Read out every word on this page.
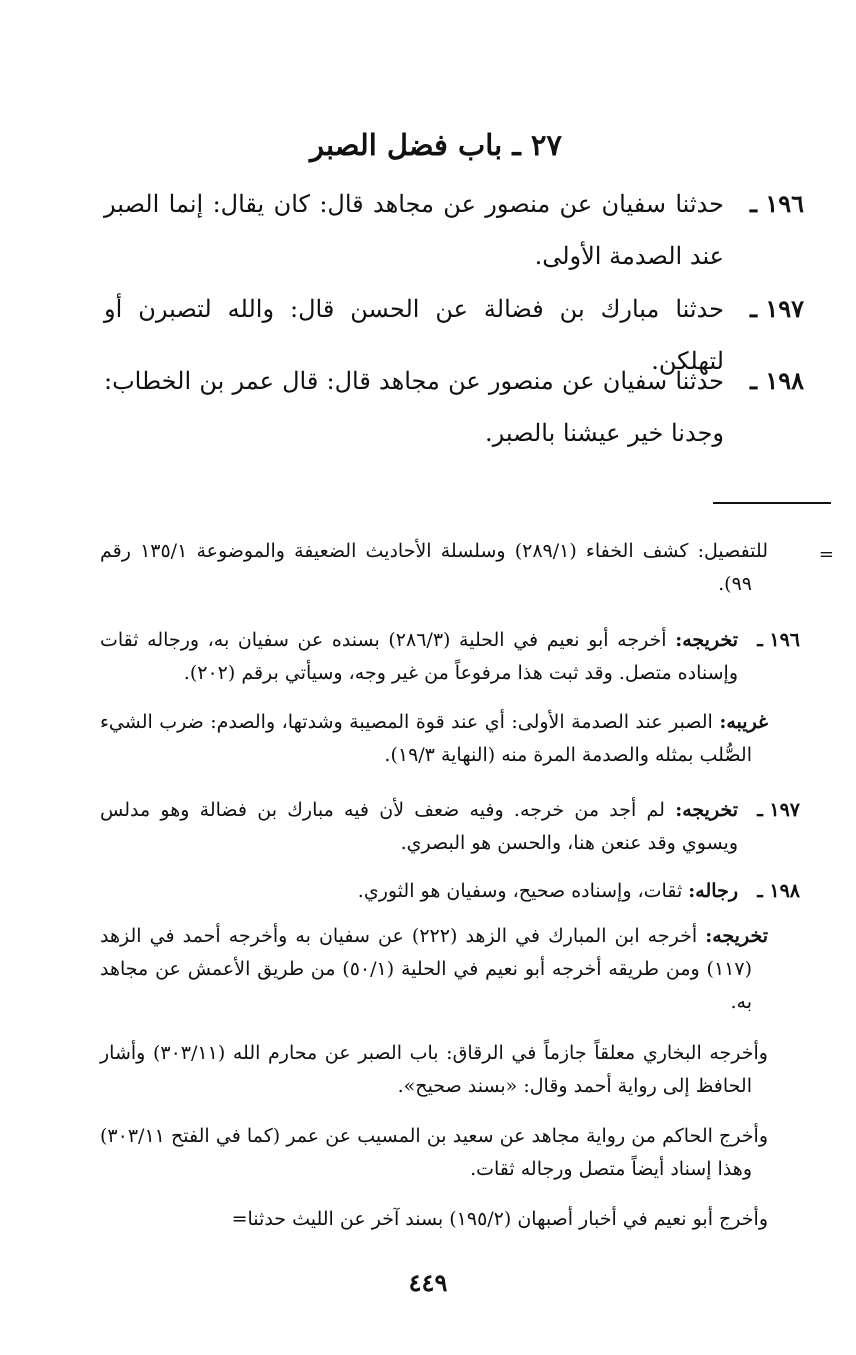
٢٧ ـ باب فضل الصبر
١٩٦ ـ
حدثنا سفيان عن منصور عن مجاهد قال: كان يقال: إنما الصبر عند الصدمة الأولى.
١٩٧ ـ
حدثنا مبارك بن فضالة عن الحسن قال: والله لتصبرن أو لتهلكن.
١٩٨ ـ
حدثنا سفيان عن منصور عن مجاهد قال: قال عمر بن الخطاب: وجدنا خير عيشنا بالصبر.
=
للتفصيل: كشف الخفاء (٢٨٩/١) وسلسلة الأحاديث الضعيفة والموضوعة ١٣٥/١ رقم ٩٩).
١٩٦ ـ
تخريجه: أخرجه أبو نعيم في الحلية (٢٨٦/٣) بسنده عن سفيان به، ورجاله ثقات وإسناده متصل. وقد ثبت هذا مرفوعاً من غير وجه، وسيأتي برقم (٢٠٢).
غريبه: الصبر عند الصدمة الأولى: أي عند قوة المصيبة وشدتها، والصدم: ضرب الشيء الصُّلب بمثله والصدمة المرة منه (النهاية ١٩/٣).
١٩٧ ـ
تخريجه: لم أجد من خرجه. وفيه ضعف لأن فيه مبارك بن فضالة وهو مدلس ويسوي وقد عنعن هنا، والحسن هو البصري.
١٩٨ ـ
رجاله: ثقات، وإسناده صحيح، وسفيان هو الثوري.
تخريجه: أخرجه ابن المبارك في الزهد (٢٢٢) عن سفيان به وأخرجه أحمد في الزهد (١١٧) ومن طريقه أخرجه أبو نعيم في الحلية (٥٠/١) من طريق الأعمش عن مجاهد به.
وأخرجه البخاري معلقاً جازماً في الرقاق: باب الصبر عن محارم الله (٣٠٣/١١) وأشار الحافظ إلى رواية أحمد وقال: «بسند صحيح».
وأخرج الحاكم من رواية مجاهد عن سعيد بن المسيب عن عمر (كما في الفتح ٣٠٣/١١) وهذا إسناد أيضاً متصل ورجاله ثقات.
وأخرج أبو نعيم في أخبار أصبهان (١٩٥/٢) بسند آخر عن الليث حدثنا=
٤٤٩
